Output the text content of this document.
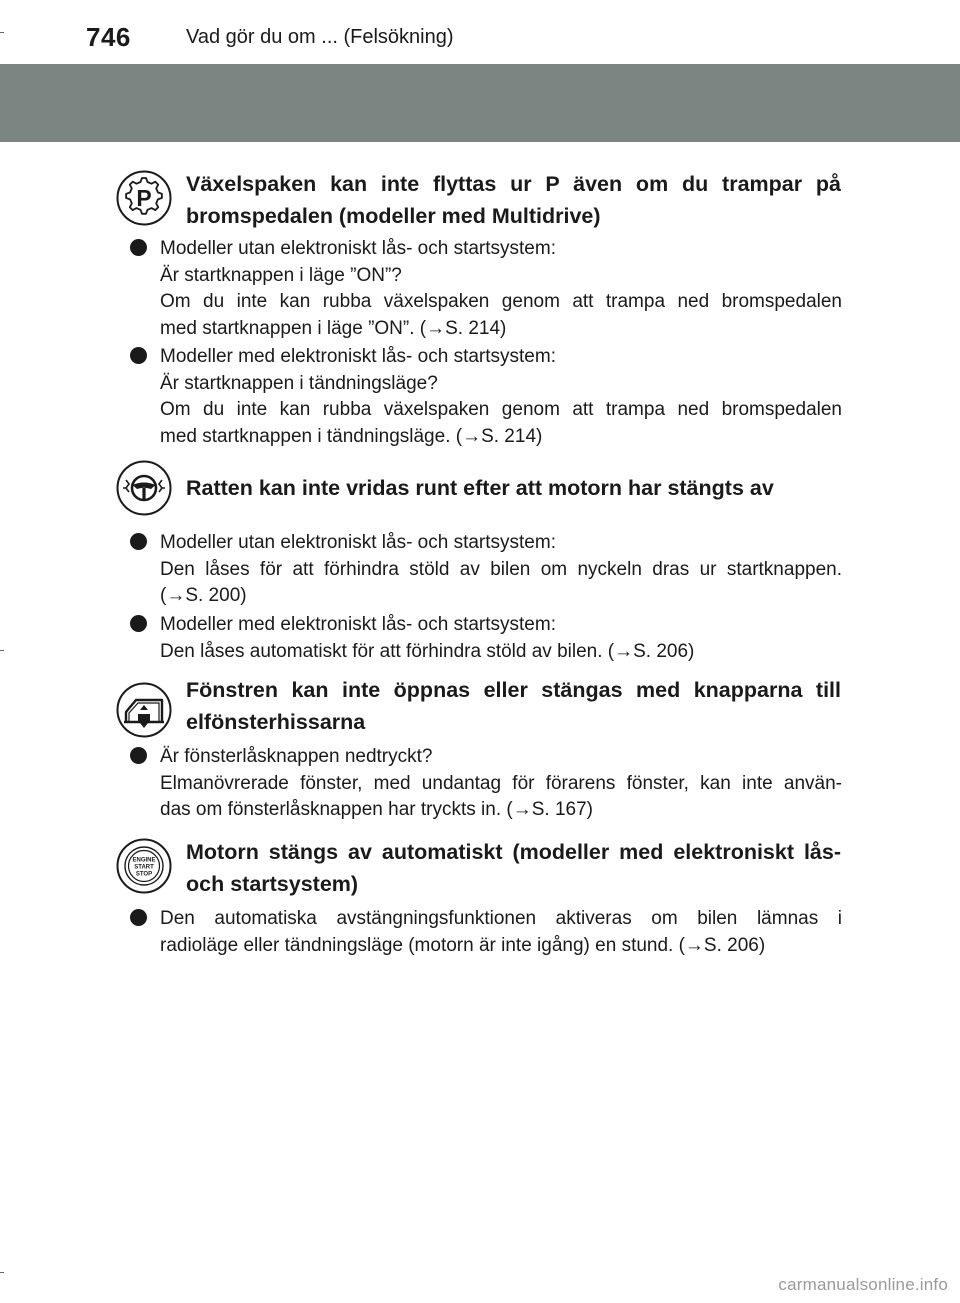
746	Vad gör du om ... (Felsökning)
P
Växelspaken kan inte flyttas ur P även om du trampar på bromspedalen (modeller med Multidrive)
Modeller utan elektroniskt lås- och startsystem:
Är startknappen i läge ”ON”?
Om du inte kan rubba växelspaken genom att trampa ned bromspedalen
med startknappen i läge ”ON”. (→S. 214)
Modeller med elektroniskt lås- och startsystem:
Är startknappen i tändningsläge?
Om du inte kan rubba växelspaken genom att trampa ned bromspedalen
med startknappen i tändningsläge. (→S. 214)
Ratten kan inte vridas runt efter att motorn har stängts av
Modeller utan elektroniskt lås- och startsystem:
Den låses för att förhindra stöld av bilen om nyckeln dras ur startknappen.
(→S. 200)
Modeller med elektroniskt lås- och startsystem:
Den låses automatiskt för att förhindra stöld av bilen. (→S. 206)
Fönstren kan inte öppnas eller stängas med knapparna till elfönsterhissarna
Är fönsterlåsknappen nedtryckt?
Elmanövrerade fönster, med undantag för förarens fönster, kan inte använ-
das om fönsterlåsknappen har tryckts in. (→S. 167)
ENGINE
START
STOP
Motorn stängs av automatiskt (modeller med elektroniskt lås- och startsystem)
Den automatiska avstängningsfunktionen aktiveras om bilen lämnas i
radioläge eller tändningsläge (motorn är inte igång) en stund. (→S. 206)
carmanualsonline.info
